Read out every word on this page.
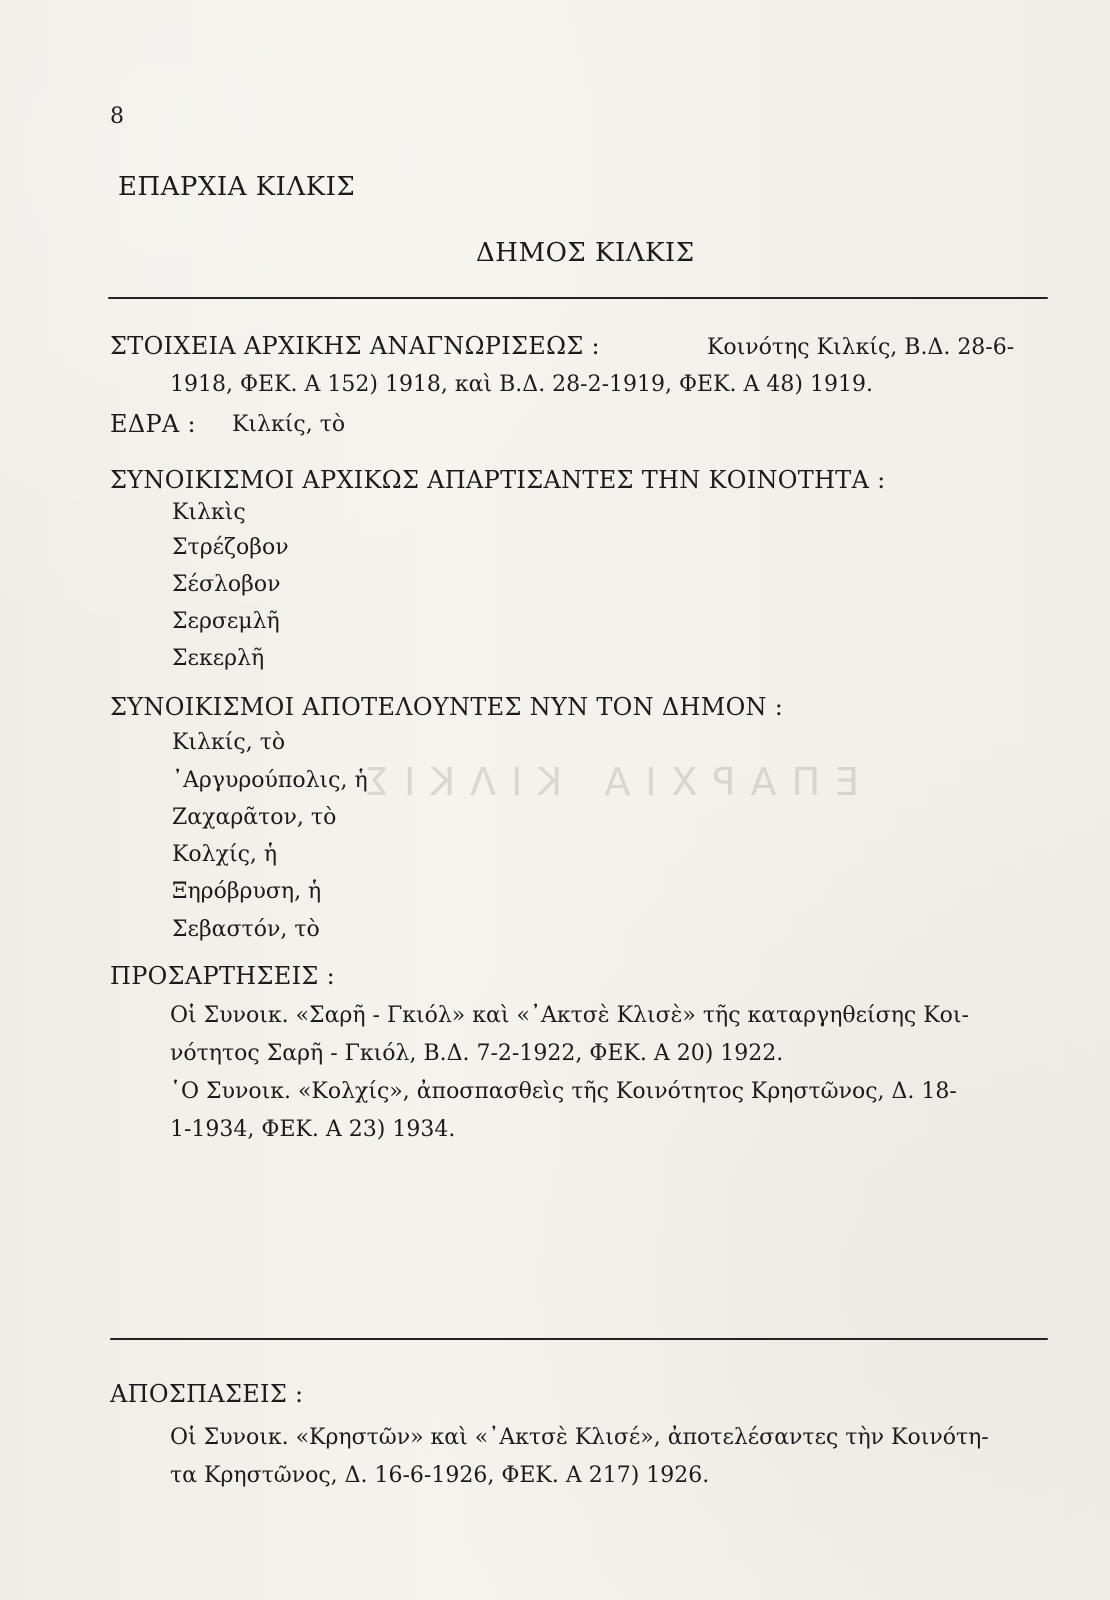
ΕΠΑΡΧΙΑ ΚΙΛΚΙΣ
8
ΕΠΑΡΧΙΑ ΚΙΛΚΙΣ
ΔΗΜΟΣ ΚΙΛΚΙΣ
ΣΤΟΙΧΕΙΑ ΑΡΧΙΚΗΣ ΑΝΑΓΝΩΡΙΣΕΩΣ :	Κοινότης Κιλκίς, Β.Δ. 28-6-
1918, ΦΕΚ. Α 152) 1918, καὶ Β.Δ. 28-2-1919, ΦΕΚ. Α 48) 1919.
ΕΔΡΑ : Κιλκίς, τὸ
ΣΥΝΟΙΚΙΣΜΟΙ ΑΡΧΙΚΩΣ ΑΠΑΡΤΙΣΑΝΤΕΣ ΤΗΝ ΚΟΙΝΟΤΗΤΑ :
Κιλκὶς
Στρέζοβον
Σέσλοβον
Σερσεμλῆ
Σεκερλῆ
ΣΥΝΟΙΚΙΣΜΟΙ ΑΠΟΤΕΛΟΥΝΤΕΣ ΝΥΝ ΤΟΝ ΔΗΜΟΝ :
Κιλκίς, τὸ
᾿Αργυρούπολις, ἡ
Ζαχαρᾶτον, τὸ
Κολχίς, ἡ
Ξηρόβρυση, ἡ
Σεβαστόν, τὸ
ΠΡΟΣΑΡΤΗΣΕΙΣ :
Οἱ Συνοικ. «Σαρῆ - Γκιόλ» καὶ «᾿Ακτσὲ Κλισὲ» τῆς καταργηθείσης Κοι-
νότητος Σαρῆ - Γκιόλ, Β.Δ. 7-2-1922, ΦΕΚ. Α 20) 1922.
῾Ο Συνοικ. «Κολχίς», ἀποσπασθεὶς τῆς Κοινότητος Κρηστῶνος, Δ. 18-
1-1934, ΦΕΚ. Α 23) 1934.
ΑΠΟΣΠΑΣΕΙΣ :
Οἱ Συνοικ. «Κρηστῶν» καὶ «᾿Ακτσὲ Κλισέ», ἀποτελέσαντες τὴν Κοινότη-
τα Κρηστῶνος, Δ. 16-6-1926, ΦΕΚ. Α 217) 1926.
